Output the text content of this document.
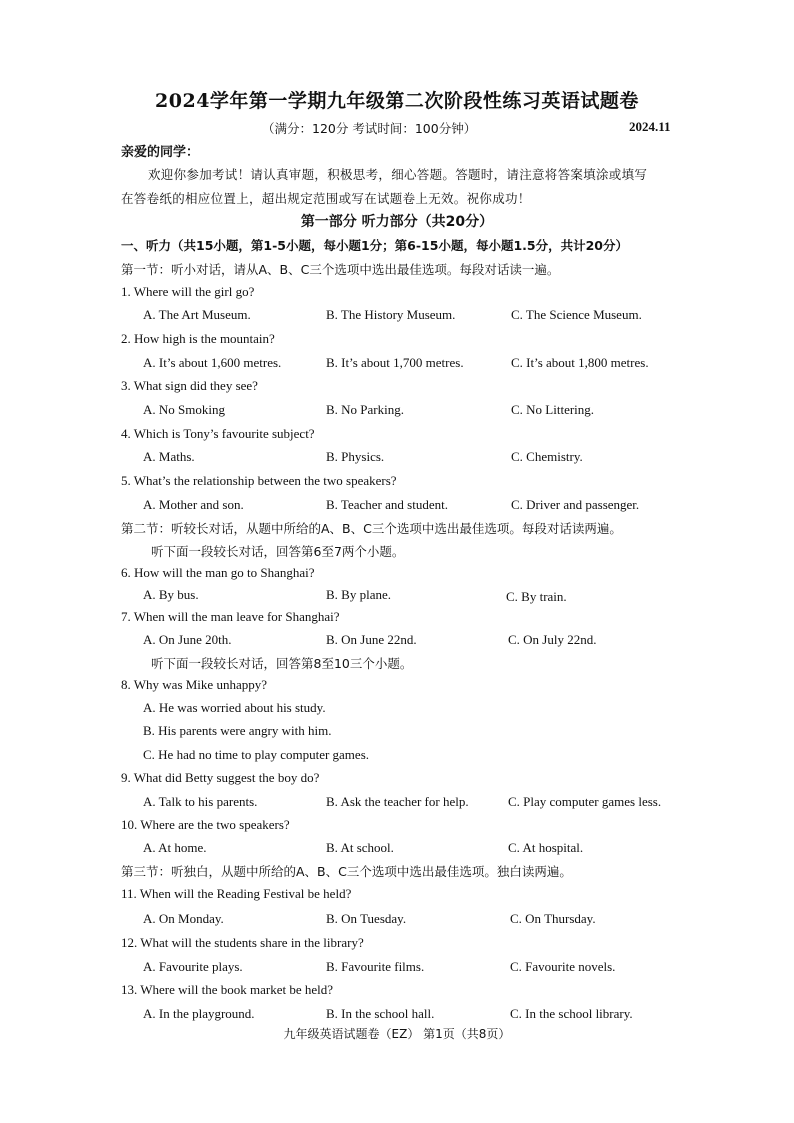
2024学年第一学期九年级第二次阶段性练习英语试题卷
（满分：120分 考试时间：100分钟）	2024.11
亲爱的同学：
欢迎你参加考试！请认真审题，积极思考，细心答题。答题时，请注意将答案填涂或填写
在答卷纸的相应位置上，超出规定范围或写在试题卷上无效。祝你成功！
第一部分 听力部分（共20分）
一、听力（共15小题，第1-5小题，每小题1分；第6-15小题，每小题1.5分，共计20分）
第一节：听小对话，请从A、B、C三个选项中选出最佳选项。每段对话读一遍。
1. Where will the girl go?
A. The Art Museum.	B. The History Museum.	C. The Science Museum.
2. How high is the mountain?
A. It’s about 1,600 metres.	B. It’s about 1,700 metres.	C. It’s about 1,800 metres.
3. What sign did they see?
A. No Smoking	B. No Parking.	C. No Littering.
4. Which is Tony’s favourite subject?
A. Maths.	B. Physics.	C. Chemistry.
5. What’s the relationship between the two speakers?
A. Mother and son.	B. Teacher and student.	C. Driver and passenger.
第二节：听较长对话，从题中所给的A、B、C三个选项中选出最佳选项。每段对话读两遍。
听下面一段较长对话，回答第6至7两个小题。
6. How will the man go to Shanghai?
A. By bus.	B. By plane.	C. By train.
7. When will the man leave for Shanghai?
A. On June 20th.	B. On June 22nd.	C. On July 22nd.
听下面一段较长对话，回答第8至10三个小题。
8. Why was Mike unhappy?
A. He was worried about his study.
B. His parents were angry with him.
C. He had no time to play computer games.
9. What did Betty suggest the boy do?
A. Talk to his parents.	B. Ask the teacher for help.	C. Play computer games less.
10. Where are the two speakers?
A. At home.	B. At school.	C. At hospital.
第三节：听独白，从题中所给的A、B、C三个选项中选出最佳选项。独白读两遍。
11. When will the Reading Festival be held?
A. On Monday.	B. On Tuesday.	C. On Thursday.
12. What will the students share in the library?
A. Favourite plays.	B. Favourite films.	C. Favourite novels.
13. Where will the book market be held?
A. In the playground.	B. In the school hall.	C. In the school library.
九年级英语试题卷（EZ） 第1页（共8页）
